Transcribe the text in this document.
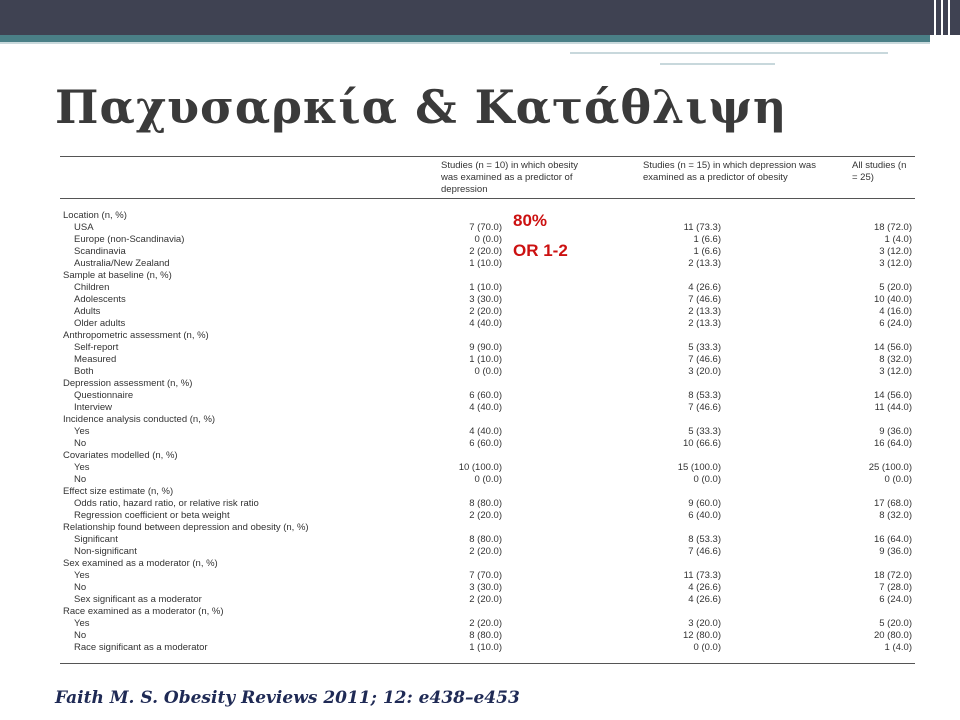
Παχυσαρκία & Κατάθλιψη
Studies (n = 10) in which obesity was examined as a predictor of depression
Studies (n = 15) in which depression was examined as a predictor of obesity
All studies (n = 25)
Location (n, %)
USA	7 (70.0)	11 (73.3)	18 (72.0)
Europe (non-Scandinavia)	0 (0.0)	1 (6.6)	1 (4.0)
Scandinavia	2 (20.0)	1 (6.6)	3 (12.0)
Australia/New Zealand	1 (10.0)	2 (13.3)	3 (12.0)
Sample at baseline (n, %)
Children	1 (10.0)	4 (26.6)	5 (20.0)
Adolescents	3 (30.0)	7 (46.6)	10 (40.0)
Adults	2 (20.0)	2 (13.3)	4 (16.0)
Older adults	4 (40.0)	2 (13.3)	6 (24.0)
Anthropometric assessment (n, %)
Self-report	9 (90.0)	5 (33.3)	14 (56.0)
Measured	1 (10.0)	7 (46.6)	8 (32.0)
Both	0 (0.0)	3 (20.0)	3 (12.0)
Depression assessment (n, %)
Questionnaire	6 (60.0)	8 (53.3)	14 (56.0)
Interview	4 (40.0)	7 (46.6)	11 (44.0)
Incidence analysis conducted (n, %)
Yes	4 (40.0)	5 (33.3)	9 (36.0)
No	6 (60.0)	10 (66.6)	16 (64.0)
Covariates modelled (n, %)
Yes	10 (100.0)	15 (100.0)	25 (100.0)
No	0 (0.0)	0 (0.0)	0 (0.0)
Effect size estimate (n, %)
Odds ratio, hazard ratio, or relative risk ratio	8 (80.0)	9 (60.0)	17 (68.0)
Regression coefficient or beta weight	2 (20.0)	6 (40.0)	8 (32.0)
Relationship found between depression and obesity (n, %)
Significant	8 (80.0)	8 (53.3)	16 (64.0)
Non-significant	2 (20.0)	7 (46.6)	9 (36.0)
Sex examined as a moderator (n, %)
Yes	7 (70.0)	11 (73.3)	18 (72.0)
No	3 (30.0)	4 (26.6)	7 (28.0)
Sex significant as a moderator	2 (20.0)	4 (26.6)	6 (24.0)
Race examined as a moderator (n, %)
Yes	2 (20.0)	3 (20.0)	5 (20.0)
No	8 (80.0)	12 (80.0)	20 (80.0)
Race significant as a moderator	1 (10.0)	0 (0.0)	1 (4.0)
80%
OR 1-2
Faith M. S. Obesity Reviews 2011; 12: e438–e453
